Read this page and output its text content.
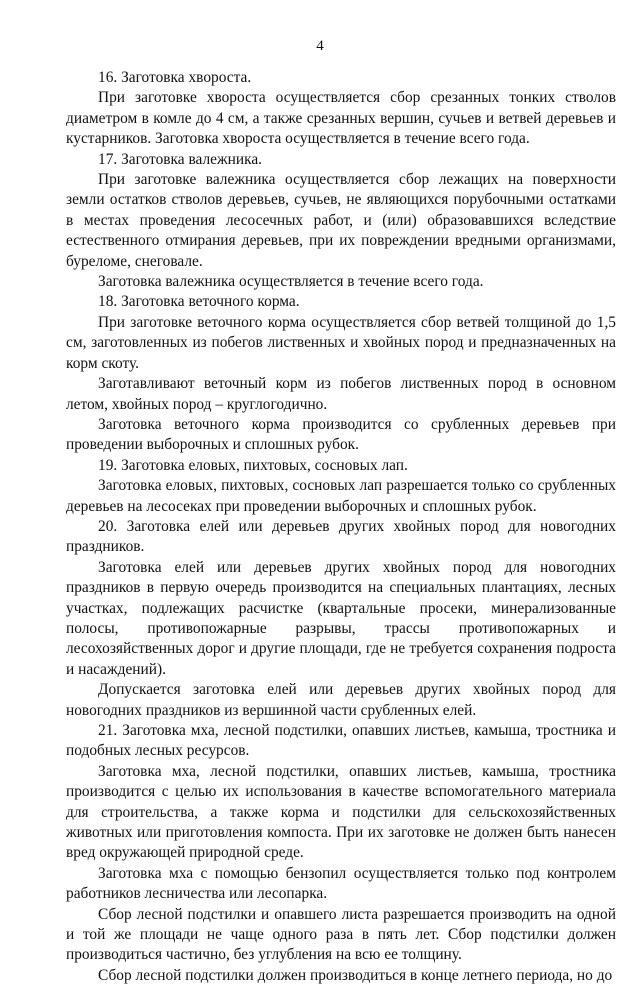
4

16. Заготовка хвороста.

При заготовке хвороста осуществляется сбор срезанных тонких стволов диаметром в комле до 4 см, а также срезанных вершин, сучьев и ветвей деревьев и кустарников. Заготовка хвороста осуществляется в течение всего года.

17. Заготовка валежника.

При заготовке валежника осуществляется сбор лежащих на поверхности земли остатков стволов деревьев, сучьев, не являющихся порубочными остатками в местах проведения лесосечных работ, и (или) образовавшихся вследствие естественного отмирания деревьев, при их повреждении вредными организмами, буреломе, снеговале.

Заготовка валежника осуществляется в течение всего года.

18. Заготовка веточного корма.

При заготовке веточного корма осуществляется сбор ветвей толщиной до 1,5 см, заготовленных из побегов лиственных и хвойных пород и предназначенных на корм скоту.

Заготавливают веточный корм из побегов лиственных пород в основном летом, хвойных пород – круглогодично.

Заготовка веточного корма производится со срубленных деревьев при проведении выборочных и сплошных рубок.

19. Заготовка еловых, пихтовых, сосновых лап.

Заготовка еловых, пихтовых, сосновых лап разрешается только со срубленных деревьев на лесосеках при проведении выборочных и сплошных рубок.

20. Заготовка елей или деревьев других хвойных пород для новогодних праздников.

Заготовка елей или деревьев других хвойных пород для новогодних праздников в первую очередь производится на специальных плантациях, лесных участках, подлежащих расчистке (квартальные просеки, минерализованные полосы, противопожарные разрывы, трассы противопожарных и лесохозяйственных дорог и другие площади, где не требуется сохранения подроста и насаждений).

Допускается заготовка елей или деревьев других хвойных пород для новогодних праздников из вершинной части срубленных елей.

21. Заготовка мха, лесной подстилки, опавших листьев, камыша, тростника и подобных лесных ресурсов.

Заготовка мха, лесной подстилки, опавших листьев, камыша, тростника производится с целью их использования в качестве вспомогательного материала для строительства, а также корма и подстилки для сельскохозяйственных животных или приготовления компоста. При их заготовке не должен быть нанесен вред окружающей природной среде.

Заготовка мха с помощью бензопил осуществляется только под контролем работников лесничества или лесопарка.

Сбор лесной подстилки и опавшего листа разрешается производить на одной и той же площади не чаще одного раза в пять лет. Сбор подстилки должен производиться частично, без углубления на всю ее толщину.

Сбор лесной подстилки должен производиться в конце летнего периода, но до
